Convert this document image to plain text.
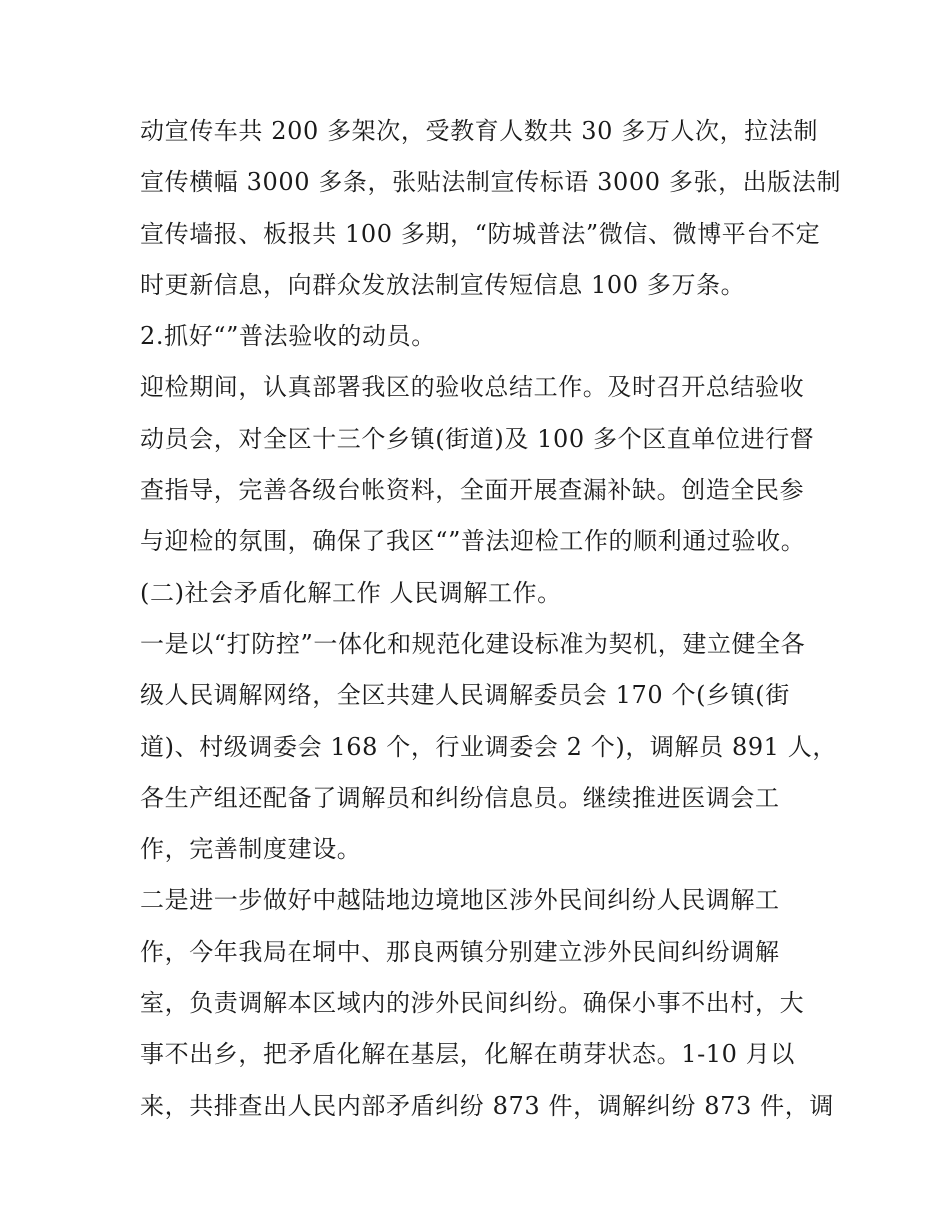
动宣传车共 200 多架次，受教育人数共 30 多万人次，拉法制
宣传横幅 3000 多条，张贴法制宣传标语 3000 多张，出版法制
宣传墙报、板报共 100 多期，“防城普法”微信、微博平台不定
时更新信息，向群众发放法制宣传短信息 100 多万条。
2.抓好“”普法验收的动员。
迎检期间，认真部署我区的验收总结工作。及时召开总结验收
动员会，对全区十三个乡镇(街道)及 100 多个区直单位进行督
查指导，完善各级台帐资料，全面开展查漏补缺。创造全民参
与迎检的氛围，确保了我区“”普法迎检工作的顺利通过验收。
(二)社会矛盾化解工作 人民调解工作。
一是以“打防控”一体化和规范化建设标准为契机，建立健全各
级人民调解网络，全区共建人民调解委员会 170 个(乡镇(街
道)、村级调委会 168 个，行业调委会 2 个)，调解员 891 人，
各生产组还配备了调解员和纠纷信息员。继续推进医调会工
作，完善制度建设。
二是进一步做好中越陆地边境地区涉外民间纠纷人民调解工
作，今年我局在垌中、那良两镇分别建立涉外民间纠纷调解
室，负责调解本区域内的涉外民间纠纷。确保小事不出村，大
事不出乡，把矛盾化解在基层，化解在萌芽状态。1-10 月以
来，共排查出人民内部矛盾纠纷 873 件，调解纠纷 873 件，调
